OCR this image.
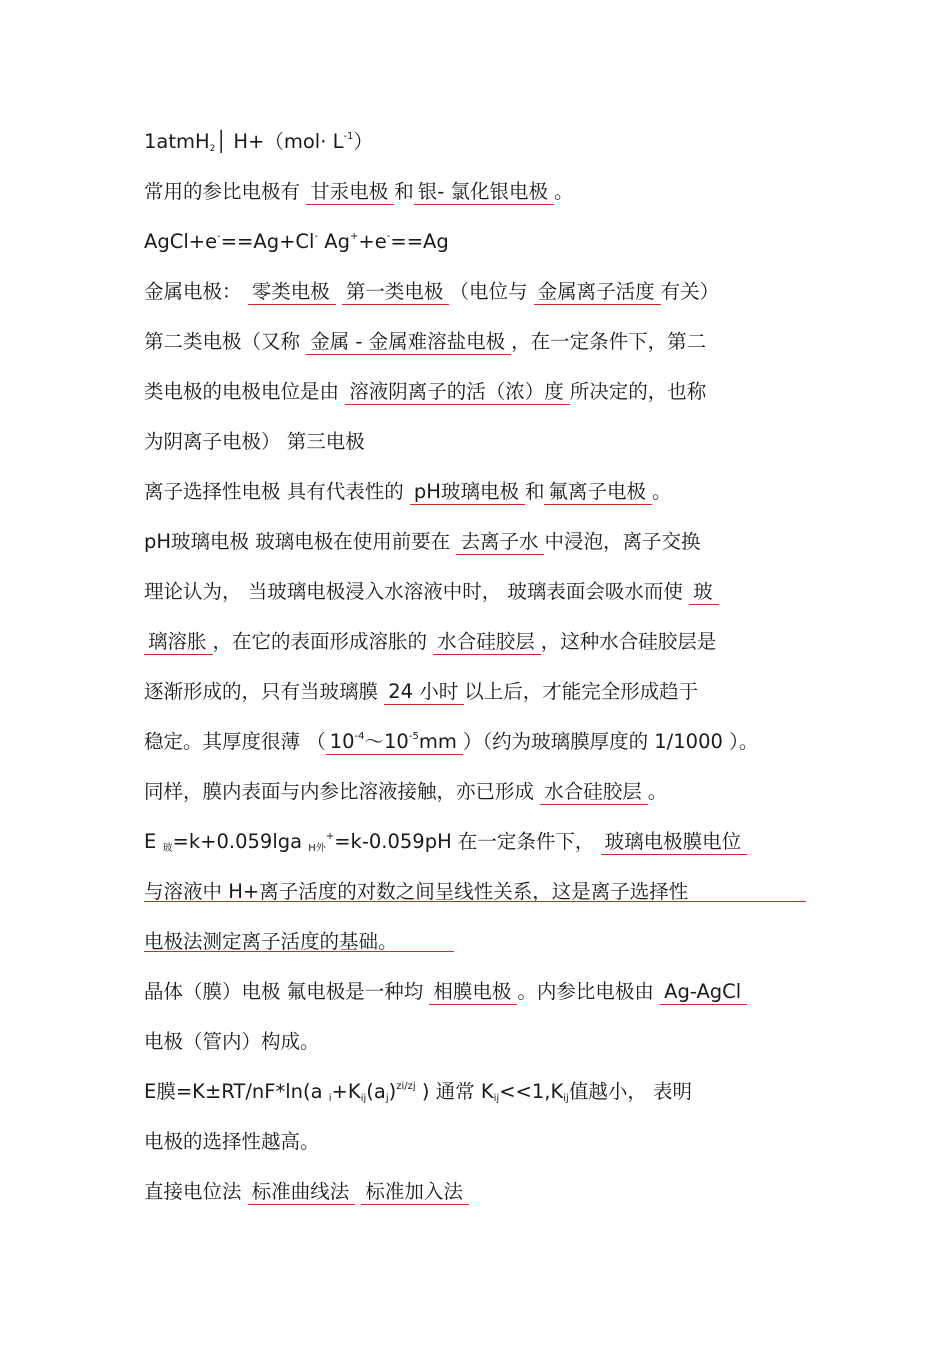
1atmH$_2$│ $H+(mol\cdot L^{-1})$
常用的参比电极有 甘汞电极 和 银- 氯化银电极 。
AgCl+e-==Ag+Cl- Ag++e-==Ag
金属电极： 零类电极 第一类电极 （电位与 金属离子活度 有关）
第二类电极（又称 金属 - 金属难溶盐电极 ，在一定条件下，第二
类电极的电极电位是由 溶液阴离子的活（浓）度 所决定的，也称
为阴离子电极） 第三电极
离子选择性电极 具有代表性的 pH玻璃电极 和 氟离子电极 。
pH玻璃电极 玻璃电极在使用前要在 去离子水 中浸泡，离子交换
理论认为， 当玻璃电极浸入水溶液中时， 玻璃表面会吸水而使 玻
璃溶胀 ，在它的表面形成溶胀的 水合硅胶层 ，这种水合硅胶层是
逐渐形成的，只有当玻璃膜 24 小时 以上后，才能完全形成趋于
稳定。其厚度很薄 （ $10^{-4}\sim 10^{-5}mm$ ）（约为玻璃膜厚度的 1/1000 ）。
同样，膜内表面与内参比溶液接触，亦已形成 水合硅胶层 。
E $_玻$=k+0.059lga $_{H外}$+=k-0.059pH 在一定条件下， 玻璃电极膜电位
与溶液中 H+离子活度的对数之间呈线性关系，这是离子选择性
电极法测定离子活度的基础。
晶体（膜）电极 氟电极是一种均 相膜电极 。内参比电极由 Ag-AgCl
电极（管内）构成。
E膜=K±RT/nF*ln(a $_i+K_{ij}(a_j)^{zi/zj}$ ) 通常 $K_{ij}<<1,K_{ij}$值越小， 表明
电极的选择性越高。
直接电位法 标准曲线法 标准加入法
